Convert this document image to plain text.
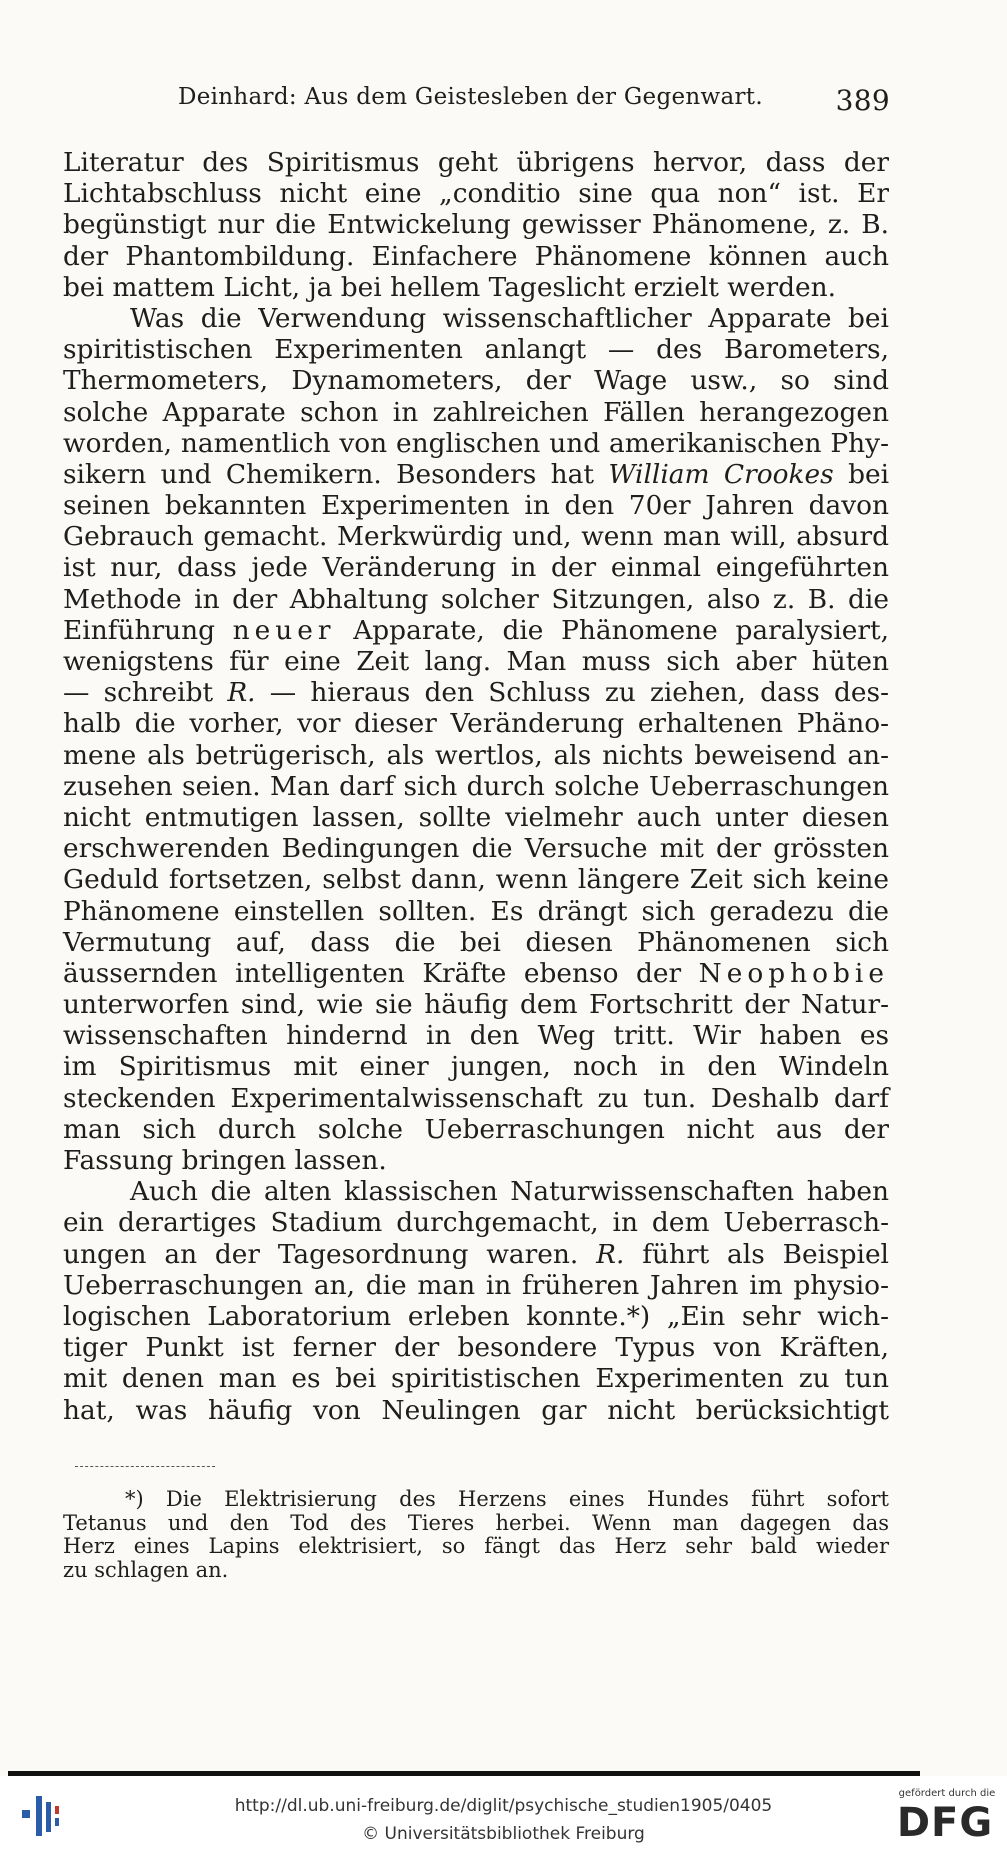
Deinhard: Aus dem Geistesleben der Gegenwart.	389
Literatur des Spiritismus geht übrigens hervor, dass der
Lichtabschluss nicht eine „conditio sine qua non“ ist. Er
begünstigt nur die Entwickelung gewisser Phänomene, z. B.
der Phantombildung. Einfachere Phänomene können auch
bei mattem Licht, ja bei hellem Tageslicht erzielt werden.
Was die Verwendung wissenschaftlicher Apparate bei
spiritistischen Experimenten anlangt — des Barometers,
Thermometers, Dynamometers, der Wage usw., so sind
solche Apparate schon in zahlreichen Fällen herangezogen
worden, namentlich von englischen und amerikanischen Phy-
sikern und Chemikern. Besonders hat William Crookes bei
seinen bekannten Experimenten in den 70er Jahren davon
Gebrauch gemacht. Merkwürdig und, wenn man will, absurd
ist nur, dass jede Veränderung in der einmal eingeführten
Methode in der Abhaltung solcher Sitzungen, also z. B. die
Einführung neuer Apparate, die Phänomene paralysiert,
wenigstens für eine Zeit lang. Man muss sich aber hüten
— schreibt R. — hieraus den Schluss zu ziehen, dass des-
halb die vorher, vor dieser Veränderung erhaltenen Phäno-
mene als betrügerisch, als wertlos, als nichts beweisend an-
zusehen seien. Man darf sich durch solche Ueberraschungen
nicht entmutigen lassen, sollte vielmehr auch unter diesen
erschwerenden Bedingungen die Versuche mit der grössten
Geduld fortsetzen, selbst dann, wenn längere Zeit sich keine
Phänomene einstellen sollten. Es drängt sich geradezu die
Vermutung auf, dass die bei diesen Phänomenen sich
äussernden intelligenten Kräfte ebenso der Neophobie
unterworfen sind, wie sie häufig dem Fortschritt der Natur-
wissenschaften hindernd in den Weg tritt. Wir haben es
im Spiritismus mit einer jungen, noch in den Windeln
steckenden Experimentalwissenschaft zu tun. Deshalb darf
man sich durch solche Ueberraschungen nicht aus der
Fassung bringen lassen.
Auch die alten klassischen Naturwissenschaften haben
ein derartiges Stadium durchgemacht, in dem Ueberrasch-
ungen an der Tagesordnung waren. R. führt als Beispiel
Ueberraschungen an, die man in früheren Jahren im physio-
logischen Laboratorium erleben konnte.*) „Ein sehr wich-
tiger Punkt ist ferner der besondere Typus von Kräften,
mit denen man es bei spiritistischen Experimenten zu tun
hat, was häufig von Neulingen gar nicht berücksichtigt
*) Die Elektrisierung des Herzens eines Hundes führt sofort
Tetanus und den Tod des Tieres herbei. Wenn man dagegen das
Herz eines Lapins elektrisiert, so fängt das Herz sehr bald wieder
zu schlagen an.
http://dl.ub.uni-freiburg.de/diglit/psychische_studien1905/0405
© Universitätsbibliothek Freiburg
gefördert durch die
DFG
